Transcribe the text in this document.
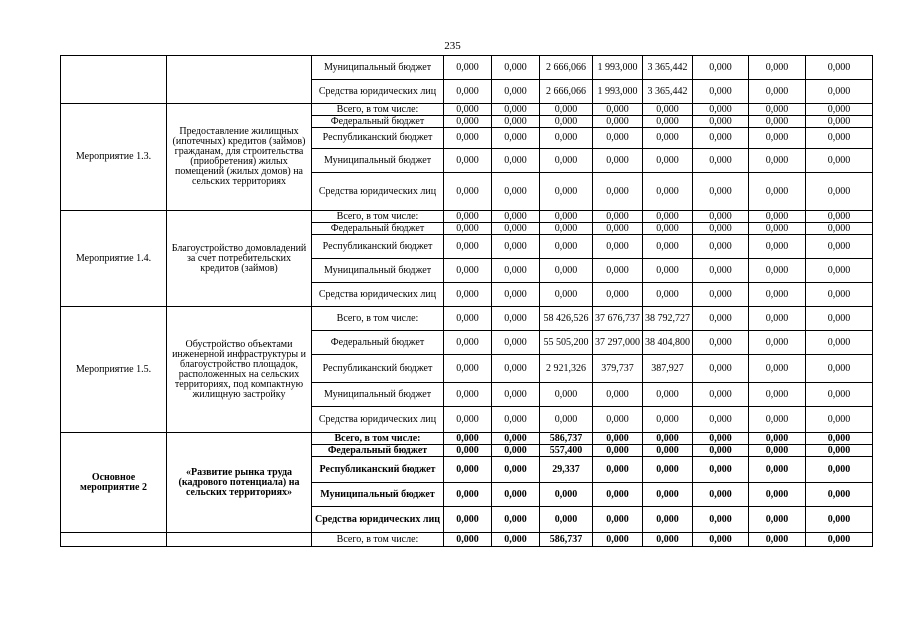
235
		Муниципальный бюджет	0,000	0,000	2 666,066	1 993,000	3 365,442	0,000	0,000	0,000
		Средства юридических лиц	0,000	0,000	2 666,066	1 993,000	3 365,442	0,000	0,000	0,000
Мероприятие 1.3.	Предоставление жилищных (ипотечных) кредитов (займов) гражданам, для строительства (приобретения) жилых помещений (жилых домов) на сельских территориях	Всего, в том числе:	0,000	0,000	0,000	0,000	0,000	0,000	0,000	0,000
		Федеральный бюджет	0,000	0,000	0,000	0,000	0,000	0,000	0,000	0,000
		Республиканский бюджет	0,000	0,000	0,000	0,000	0,000	0,000	0,000	0,000
		Муниципальный бюджет	0,000	0,000	0,000	0,000	0,000	0,000	0,000	0,000
		Средства юридических лиц	0,000	0,000	0,000	0,000	0,000	0,000	0,000	0,000
Мероприятие 1.4.	Благоустройство домовладений за счет потребительских кредитов (займов)	Всего, в том числе:	0,000	0,000	0,000	0,000	0,000	0,000	0,000	0,000
		Федеральный бюджет	0,000	0,000	0,000	0,000	0,000	0,000	0,000	0,000
		Республиканский бюджет	0,000	0,000	0,000	0,000	0,000	0,000	0,000	0,000
		Муниципальный бюджет	0,000	0,000	0,000	0,000	0,000	0,000	0,000	0,000
		Средства юридических лиц	0,000	0,000	0,000	0,000	0,000	0,000	0,000	0,000
Мероприятие 1.5.	Обустройство объектами инженерной инфраструктуры и благоустройство площадок, расположенных на сельских территориях, под компактную жилищную застройку	Всего, в том числе:	0,000	0,000	58 426,526	37 676,737	38 792,727	0,000	0,000	0,000
		Федеральный бюджет	0,000	0,000	55 505,200	37 297,000	38 404,800	0,000	0,000	0,000
		Республиканский бюджет	0,000	0,000	2 921,326	379,737	387,927	0,000	0,000	0,000
		Муниципальный бюджет	0,000	0,000	0,000	0,000	0,000	0,000	0,000	0,000
		Средства юридических лиц	0,000	0,000	0,000	0,000	0,000	0,000	0,000	0,000
Основное мероприятие 2	«Развитие рынка труда (кадрового потенциала) на сельских территориях»	Всего, в том числе:	0,000	0,000	586,737	0,000	0,000	0,000	0,000	0,000
		Федеральный бюджет	0,000	0,000	557,400	0,000	0,000	0,000	0,000	0,000
		Республиканский бюджет	0,000	0,000	29,337	0,000	0,000	0,000	0,000	0,000
		Муниципальный бюджет	0,000	0,000	0,000	0,000	0,000	0,000	0,000	0,000
		Средства юридических лиц	0,000	0,000	0,000	0,000	0,000	0,000	0,000	0,000
		Всего, в том числе:	0,000	0,000	586,737	0,000	0,000	0,000	0,000	0,000
